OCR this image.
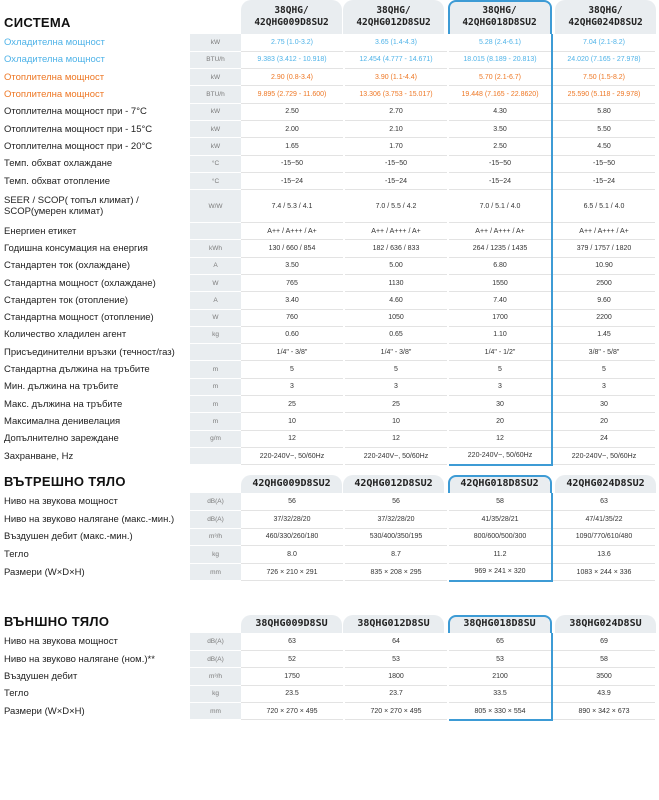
СИСТЕМА
38QHG/ 42QHG009D8SU2
38QHG/ 42QHG012D8SU2
38QHG/ 42QHG018D8SU2
38QHG/ 42QHG024D8SU2
Охладителна мощност	kW	2.75 (1.0-3.2)	3.65 (1.4-4.3)	5.28 (2.4-6.1)	7.04 (2.1-8.2)
Охладителна мощност	BTU/h	9.383 (3.412 - 10.918)	12.454 (4.777 - 14.671)	18.015 (8.189 - 20.813)	24.020 (7.165 - 27.978)
Отоплителна мощност	kW	2.90 (0.8-3.4)	3.90 (1.1-4.4)	5.70 (2.1-6.7)	7.50 (1.5-8.2)
Отоплителна мощност	BTU/h	9.895 (2.729 - 11.600)	13.306 (3.753 - 15.017)	19.448 (7.165 - 22.8620)	25.590 (5.118 - 29.978)
Отоплителна мощност при - 7°C	kW	2.50	2.70	4.30	5.80
Отоплителна мощност при - 15°C	kW	2.00	2.10	3.50	5.50
Отоплителна мощност при - 20°C	kW	1.65	1.70	2.50	4.50
Темп. обхват охлаждане	°C	-15~50	-15~50	-15~50	-15~50
Темп. обхват отопление	°C	-15~24	-15~24	-15~24	-15~24
SEER / SCOP( топъл климат) / SCOP(умерен климат)	W/W	7.4 / 5.3 / 4.1	7.0 / 5.5 / 4.2	7.0 / 5.1 / 4.0	6.5 / 5.1 / 4.0
Енергиен етикет		A++ / A+++ / A+	A++ / A+++ / A+	A++ / A+++ / A+	A++ / A+++ / A+
Годишна консумация на енергия	kWh	130 / 660 / 854	182 / 636 / 833	264 / 1235 / 1435	379 / 1757 / 1820
Стандартен ток (охлаждане)	A	3.50	5.00	6.80	10.90
Стандартна мощност (охлаждане)	W	765	1130	1550	2500
Стандартен ток (отопление)	A	3.40	4.60	7.40	9.60
Стандартна мощност (отопление)	W	760	1050	1700	2200
Количество хладилен агент	kg	0.60	0.65	1.10	1.45
Присъединителни връзки (течност/газ)		1/4" - 3/8"	1/4" - 3/8"	1/4" - 1/2"	3/8" - 5/8"
Стандартна дължина на тръбите	m	5	5	5	5
Мин. дължина на тръбите	m	3	3	3	3
Макс. дължина на тръбите	m	25	25	30	30
Максимална денивелация	m	10	10	20	20
Допълнително зареждане	g/m	12	12	12	24
Захранване, Hz		220-240V~, 50/60Hz	220-240V~, 50/60Hz	220-240V~, 50/60Hz	220-240V~, 50/60Hz
ВЪТРЕШНО ТЯЛО	42QHG009D8SU2	42QHG012D8SU2	42QHG018D8SU2	42QHG024D8SU2
Ниво на звукова мощност	dB(A)	56	56	58	63
Ниво на звуково налягане (макс.-мин.)	dB(A)	37/32/28/20	37/32/28/20	41/35/28/21	47/41/35/22
Въздушен дебит (макс.-мин.)	m³/h	460/330/260/180	530/400/350/195	800/600/500/300	1090/770/610/480
Тегло	kg	8.0	8.7	11.2	13.6
Размери (W×D×H)	mm	726 × 210 × 291	835 × 208 × 295	969 × 241 × 320	1083 × 244 × 336
ВЪНШНО ТЯЛО	38QHG009D8SU	38QHG012D8SU	38QHG018D8SU	38QHG024D8SU
Ниво на звукова мощност	dB(A)	63	64	65	69
Ниво на звуково налягане (ном.)**	dB(A)	52	53	53	58
Въздушен дебит	m³/h	1750	1800	2100	3500
Тегло	kg	23.5	23.7	33.5	43.9
Размери (W×D×H)	mm	720 × 270 × 495	720 × 270 × 495	805 × 330 × 554	890 × 342 × 673
